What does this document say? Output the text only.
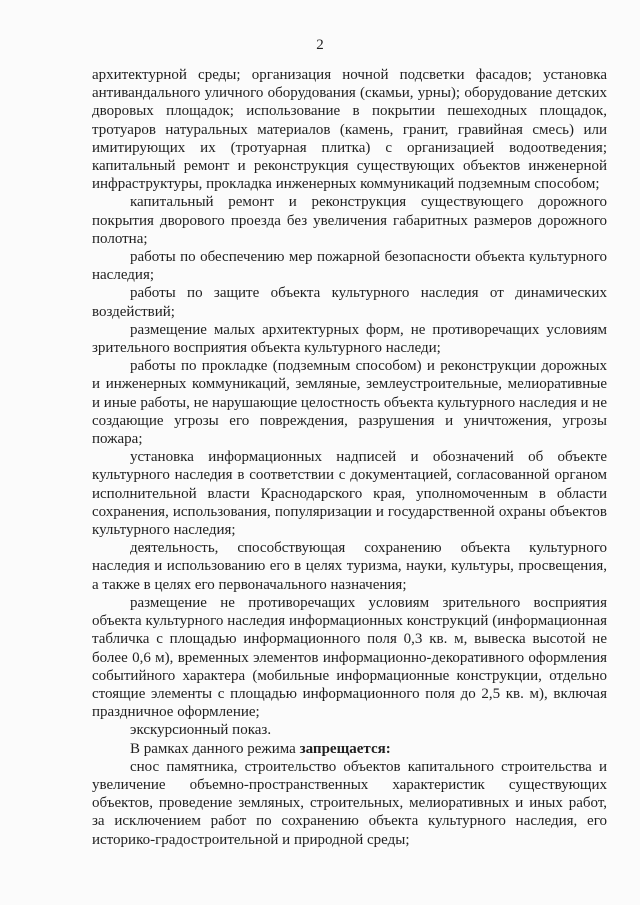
2

архитектурной среды; организация ночной подсветки фасадов; установка антивандального уличного оборудования (скамьи, урны); оборудование детских дворовых площадок; использование в покрытии пешеходных площадок, тротуаров натуральных материалов (камень, гранит, гравийная смесь) или имитирующих их (тротуарная плитка) с организацией водоотведения; капитальный ремонт и реконструкция существующих объектов инженерной инфраструктуры, прокладка инженерных коммуникаций подземным способом;

капитальный ремонт и реконструкция существующего дорожного покрытия дворового проезда без увеличения габаритных размеров дорожного полотна;

работы по обеспечению мер пожарной безопасности объекта культурного наследия;

работы по защите объекта культурного наследия от динамических воздействий;

размещение малых архитектурных форм, не противоречащих условиям зрительного восприятия объекта культурного наследи;

работы по прокладке (подземным способом) и реконструкции дорожных и инженерных коммуникаций, земляные, землеустроительные, мелиоративные и иные работы, не нарушающие целостность объекта культурного наследия и не создающие угрозы его повреждения, разрушения и уничтожения, угрозы пожара;

установка информационных надписей и обозначений об объекте культурного наследия в соответствии с документацией, согласованной органом исполнительной власти Краснодарского края, уполномоченным в области сохранения, использования, популяризации и государственной охраны объектов культурного наследия;

деятельность, способствующая сохранению объекта культурного наследия и использованию его в целях туризма, науки, культуры, просвещения, а также в целях его первоначального назначения;

размещение не противоречащих условиям зрительного восприятия объекта культурного наследия информационных конструкций (информационная табличка с площадью информационного поля 0,3 кв. м, вывеска высотой не более 0,6 м), временных элементов информационно-декоративного оформления событийного характера (мобильные информационные конструкции, отдельно стоящие элементы с площадью информационного поля до 2,5 кв. м), включая праздничное оформление;

экскурсионный показ.

В рамках данного режима запрещается:

снос памятника, строительство объектов капитального строительства и увеличение объемно-пространственных характеристик существующих объектов, проведение земляных, строительных, мелиоративных и иных работ, за исключением работ по сохранению объекта культурного наследия, его историко-градостроительной и природной среды;
